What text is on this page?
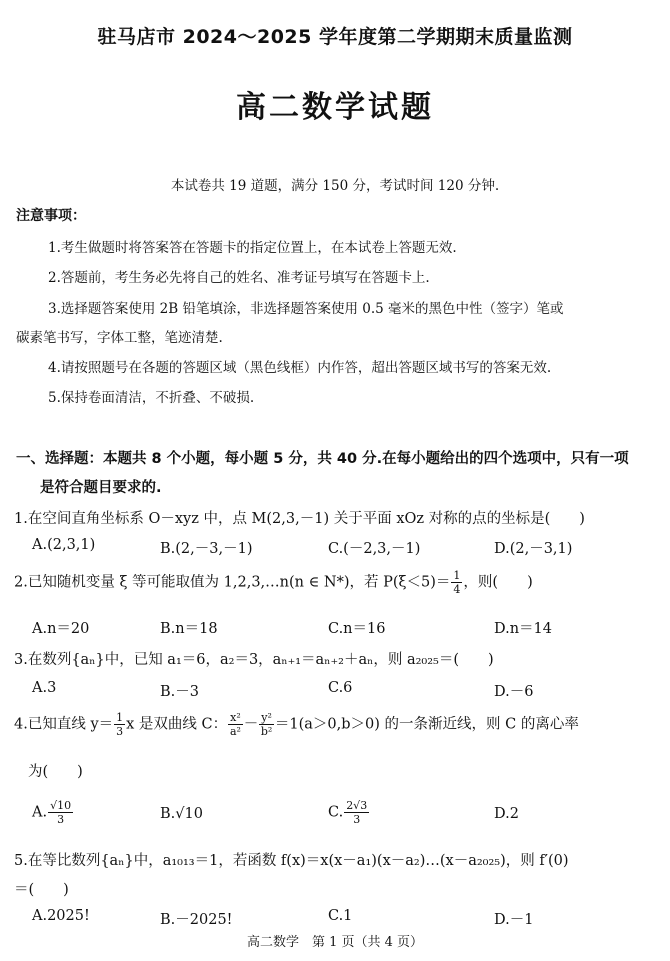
驻马店市 2024～2025 学年度第二学期期末质量监测
高二数学试题
本试卷共 19 道题，满分 150 分，考试时间 120 分钟.
注意事项：
1.考生做题时将答案答在答题卡的指定位置上，在本试卷上答题无效.
2.答题前，考生务必先将自己的姓名、准考证号填写在答题卡上.
3.选择题答案使用 2B 铅笔填涂，非选择题答案使用 0.5 毫米的黑色中性（签字）笔或
碳素笔书写，字体工整，笔迹清楚.
4.请按照题号在各题的答题区域（黑色线框）内作答，超出答题区域书写的答案无效.
5.保持卷面清洁，不折叠、不破损.
一、选择题：本题共 8 个小题，每小题 5 分，共 40 分.在每小题给出的四个选项中，只有一项
是符合题目要求的.
1.在空间直角坐标系 O－xyz 中，点 M(2,3,－1) 关于平面 xOz 对称的点的坐标是(　　)
A.(2,3,1)	B.(2,－3,－1)	C.(－2,3,－1)	D.(2,－3,1)
2.已知随机变量 ξ 等可能取值为 1,2,3,…n(n ∈ N*)，若 $P(\xi<5)= \frac{1}{4}$ ，则(　　)
A.n＝20	B.n＝18	C.n＝16	D.n＝14
3.在数列{aₙ}中，已知 a₁＝6，a₂＝3，aₙ₊₁＝aₙ₊₂＋aₙ，则 a₂₀₂₅＝(　　)
A.3	B.－3	C.6	D.－6
4.已知直线 $y= \frac{1}{3}$ x 是双曲线 C： $\frac{\text{x²}}{\text{a²}} - \frac{\text{y²}}{\text{b²}} =1(a>0,b>0)$ 的一条渐近线，则 C 的离心率
为(　　)
A. $\frac{√10}{3}$	B.√10	C. $\frac{2√3}{3}$	D.2
5.在等比数列{aₙ}中，a₁₀₁₃＝1，若函数 f(x)＝x(x－a₁)(x－a₂)…(x－a₂₀₂₅)，则 f′(0)
＝(　　)
A.2025!	B.－2025!	C.1	D.－1
高二数学　第 1 页（共 4 页）
